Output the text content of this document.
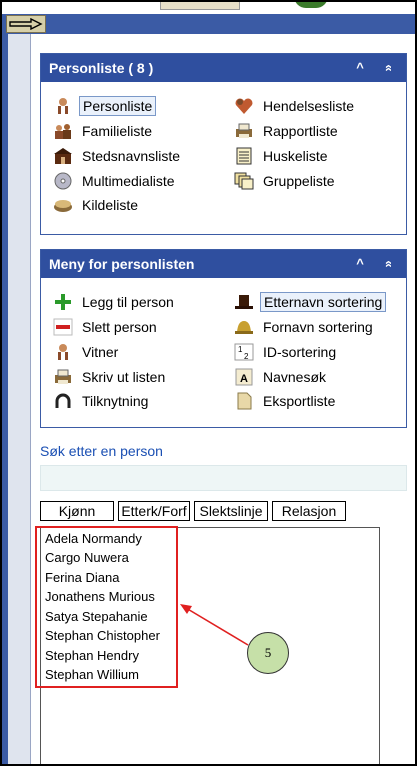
Personliste ( 8 )	^	»
Personliste
Familieliste
Stedsnavnsliste
Multimedialiste
Kildeliste
Hendelsesliste
Rapportliste
Huskeliste
Gruppeliste
Meny for personlisten	^	»
Legg til person
Slett person
Vitner
Skriv ut listen
Tilknytning
Etternavn sortering
Fornavn sortering
1
2 ID-sortering
A Navnesøk
Eksportliste
Søk etter en person
Kjønn Etterk/Forf Slektslinje Relasjon
Adela Normandy
Cargo Nuwera
Ferina Diana
Jonathens Murious
Satya Stepahanie
Stephan Chistopher
Stephan Hendry
Stephan Willium
5
